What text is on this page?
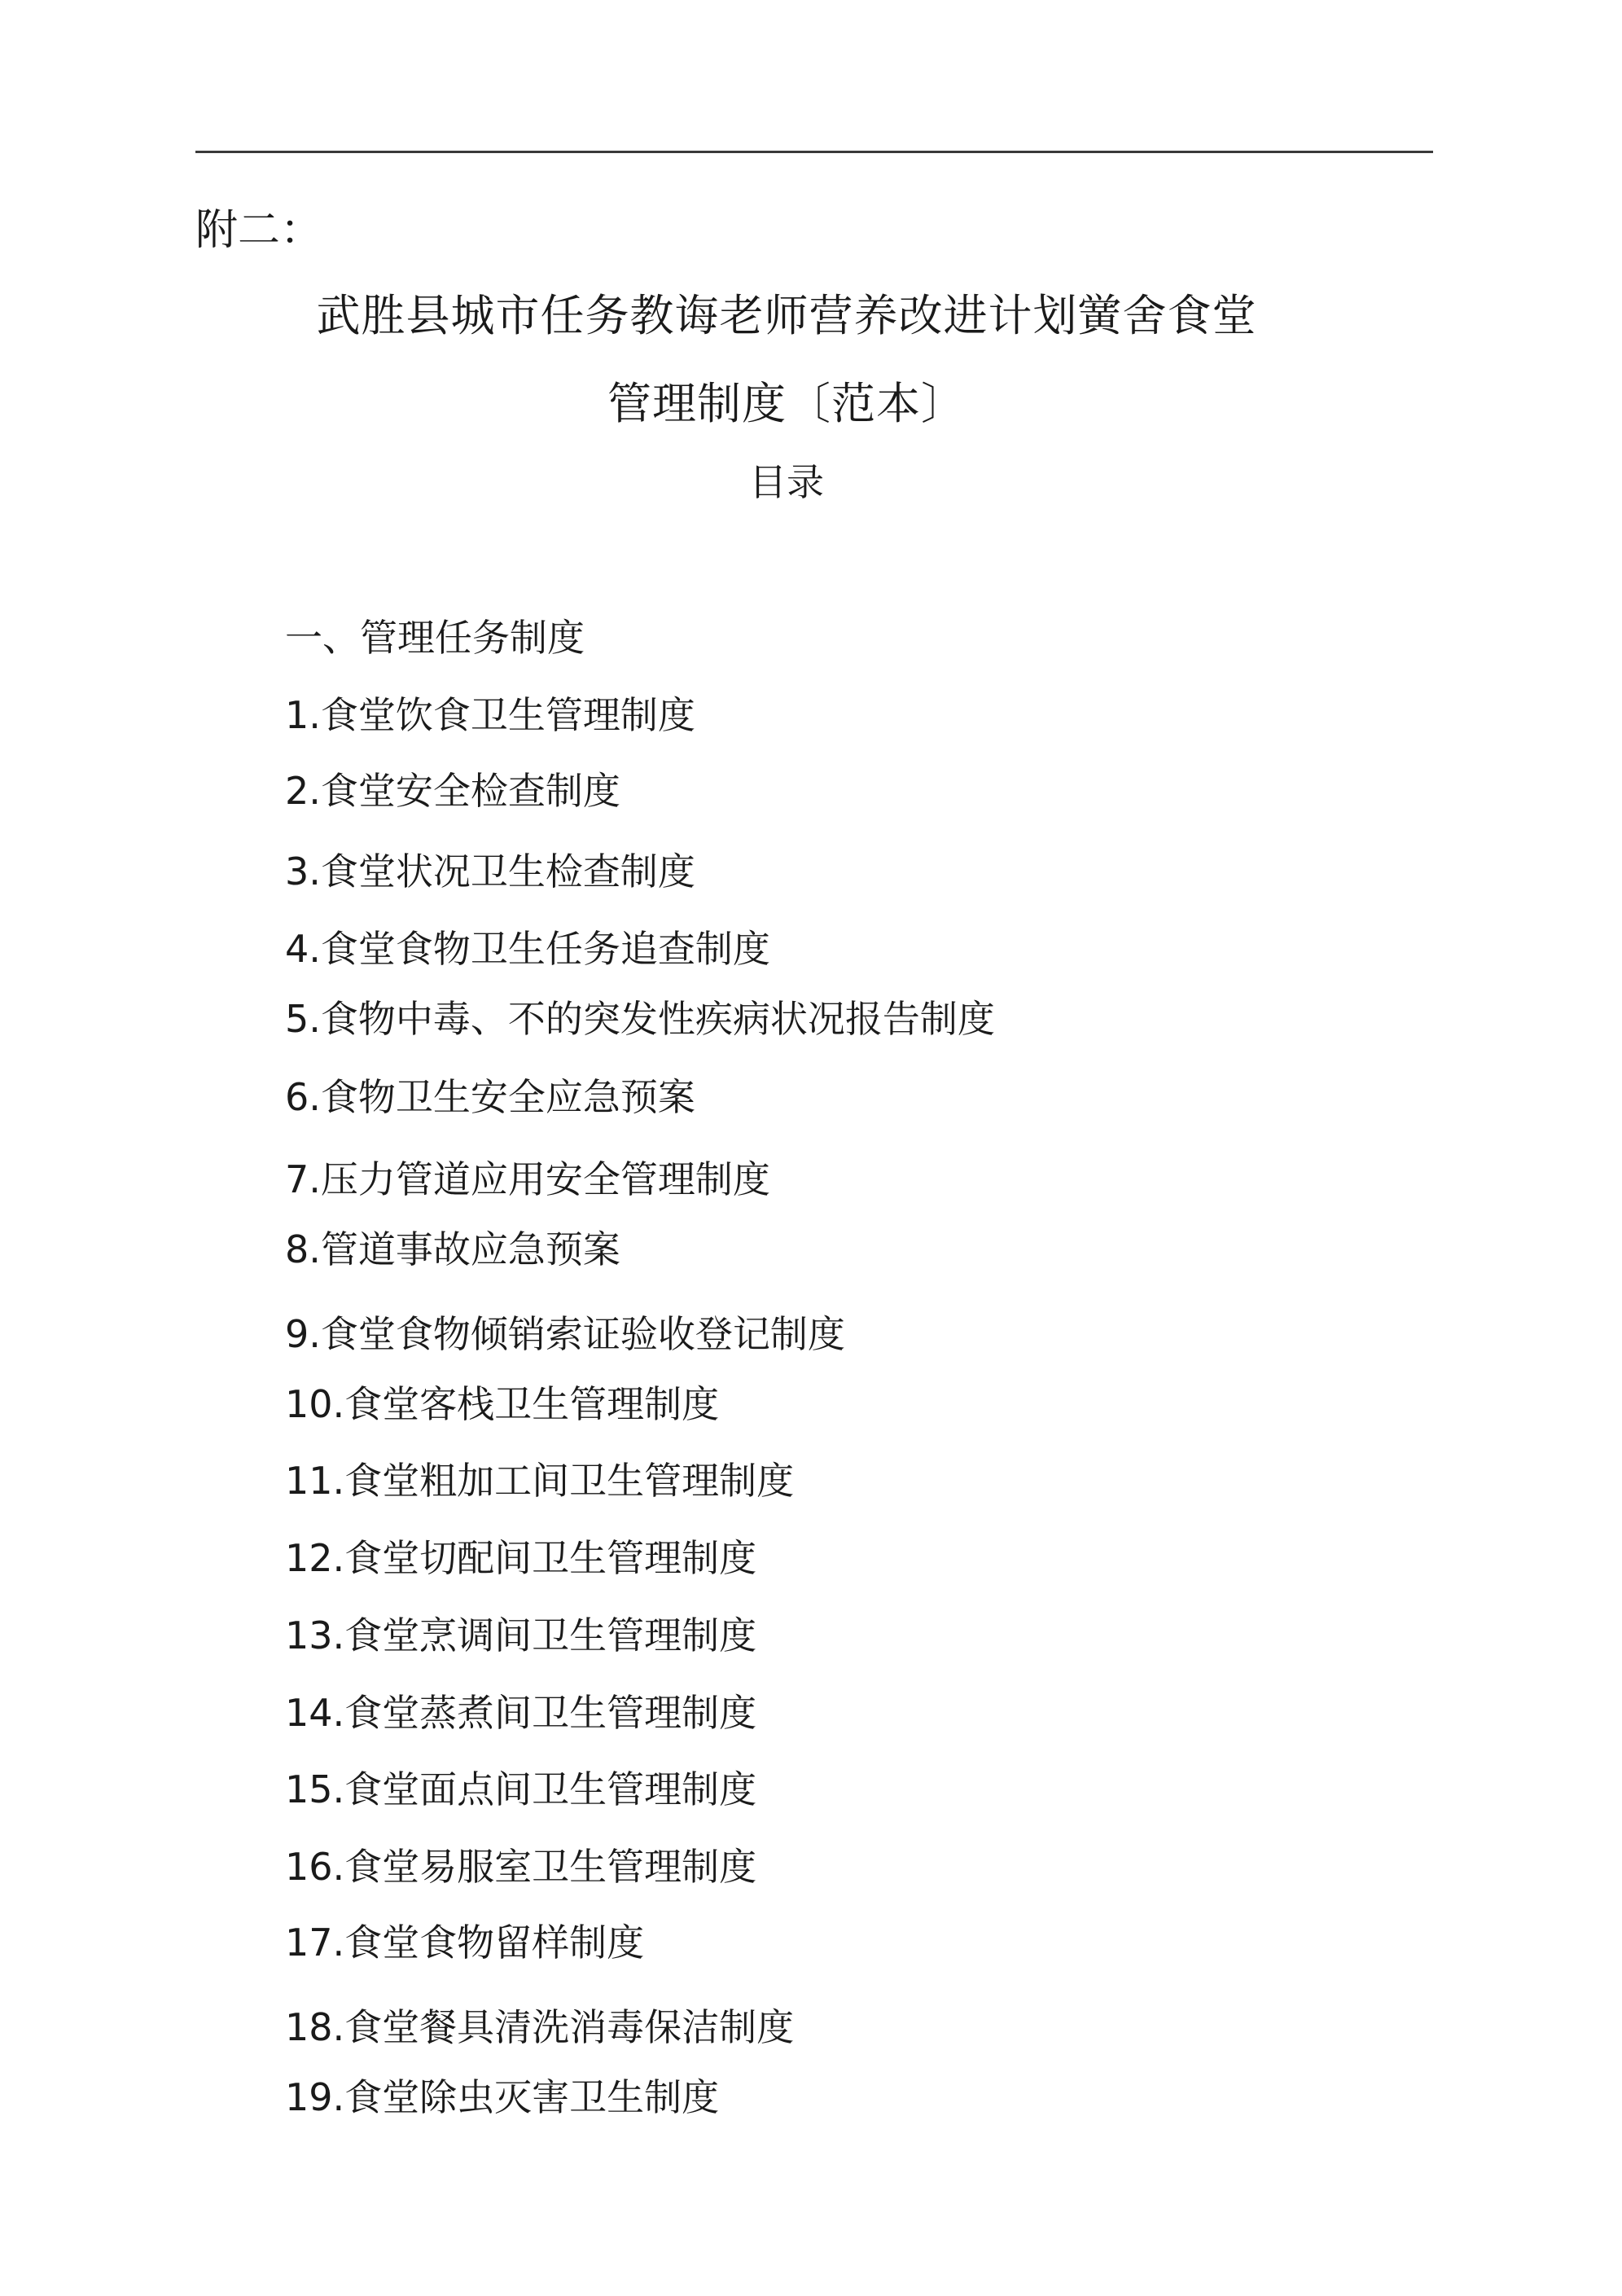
附二：
武胜县城市任务教诲老师营养改进计划黉舍食堂
管理制度〔范本〕
目录
一、管理任务制度
1.食堂饮食卫生管理制度
2.食堂安全检查制度
3.食堂状况卫生检查制度
4.食堂食物卫生任务追查制度
5.食物中毒、不的突发性疾病状况报告制度
6.食物卫生安全应急预案
7.压力管道应用安全管理制度
8.管道事故应急预案
9.食堂食物倾销索证验收登记制度
10.食堂客栈卫生管理制度
11.食堂粗加工间卫生管理制度
12.食堂切配间卫生管理制度
13.食堂烹调间卫生管理制度
14.食堂蒸煮间卫生管理制度
15.食堂面点间卫生管理制度
16.食堂易服室卫生管理制度
17.食堂食物留样制度
18.食堂餐具清洗消毒保洁制度
19.食堂除虫灭害卫生制度
